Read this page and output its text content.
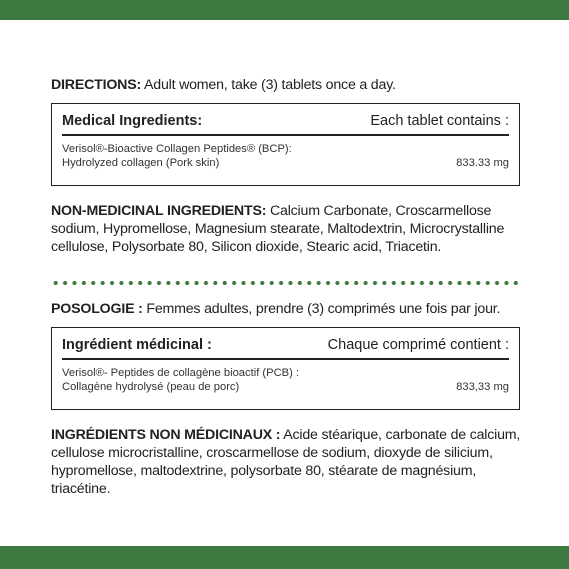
DIRECTIONS: Adult women, take (3) tablets once a day.

Medical Ingredients:	Each tablet contains :
Verisol®-Bioactive Collagen Peptides® (BCP):
Hydrolyzed collagen (Pork skin)	833.33 mg

NON-MEDICINAL INGREDIENTS: Calcium Carbonate, Croscarmellose sodium, Hypromellose, Magnesium stearate, Maltodextrin, Microcrystalline cellulose, Polysorbate 80, Silicon dioxide, Stearic acid, Triacetin.

POSOLOGIE : Femmes adultes, prendre (3) comprimés une fois par jour.

Ingrédient médicinal :	Chaque comprimé contient :
Verisol®- Peptides de collagène bioactif (PCB) :
Collagène hydrolysé (peau de porc)	833,33 mg

INGRÉDIENTS NON MÉDICINAUX : Acide stéarique, carbonate de calcium, cellulose microcristalline, croscarmellose de sodium, dioxyde de silicium, hypromellose, maltodextrine, polysorbate 80, stéarate de magnésium, triacétine.
